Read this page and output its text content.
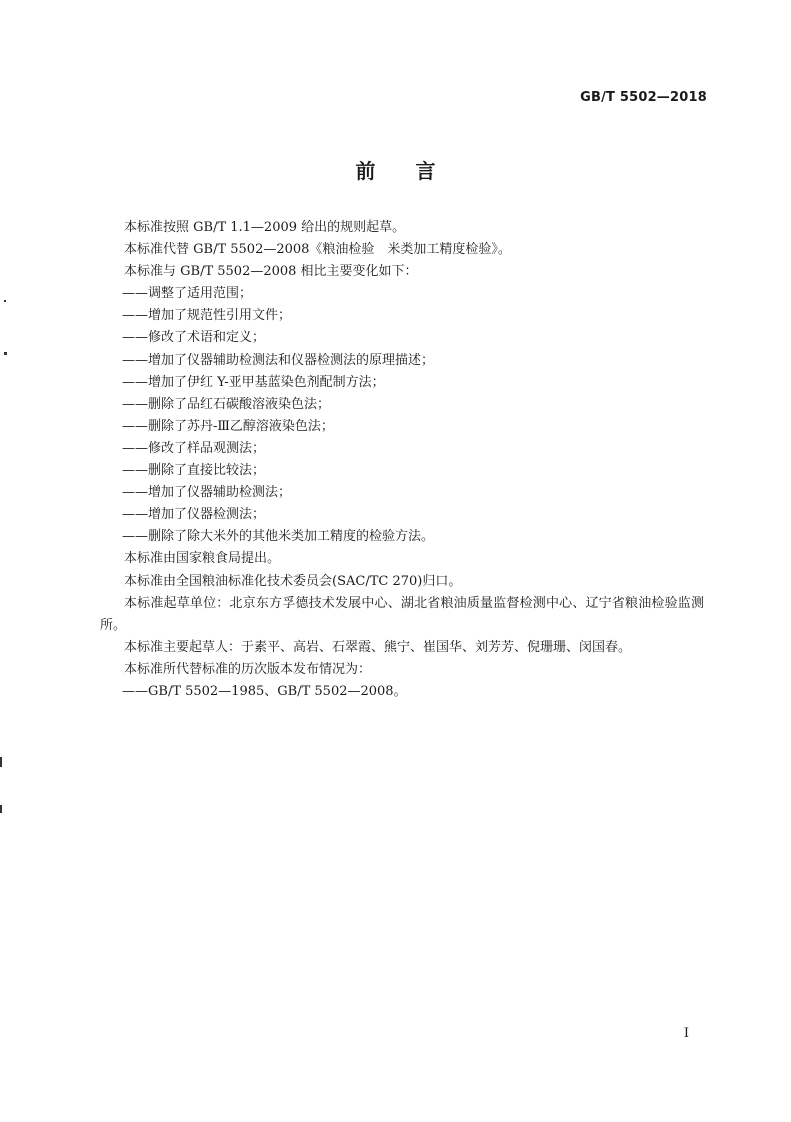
GB/T 5502—2018
前言

本标准按照 GB/T 1.1—2009 给出的规则起草。

本标准代替 GB/T 5502—2008《粮油检验　米类加工精度检验》。

本标准与 GB/T 5502—2008 相比主要变化如下：

——调整了适用范围；

——增加了规范性引用文件；

——修改了术语和定义；

——增加了仪器辅助检测法和仪器检测法的原理描述；

——增加了伊红 Y-亚甲基蓝染色剂配制方法；

——删除了品红石碳酸溶液染色法；

——删除了苏丹-Ⅲ乙醇溶液染色法；

——修改了样品观测法；

——删除了直接比较法；

——增加了仪器辅助检测法；

——增加了仪器检测法；

——删除了除大米外的其他米类加工精度的检验方法。

本标准由国家粮食局提出。

本标准由全国粮油标准化技术委员会(SAC/TC 270)归口。

本标准起草单位：北京东方孚德技术发展中心、湖北省粮油质量监督检测中心、辽宁省粮油检验监测所。

本标准主要起草人：于素平、高岩、石翠霞、熊宁、崔国华、刘芳芳、倪珊珊、闵国春。

本标准所代替标准的历次版本发布情况为：

——GB/T 5502—1985、GB/T 5502—2008。

I
